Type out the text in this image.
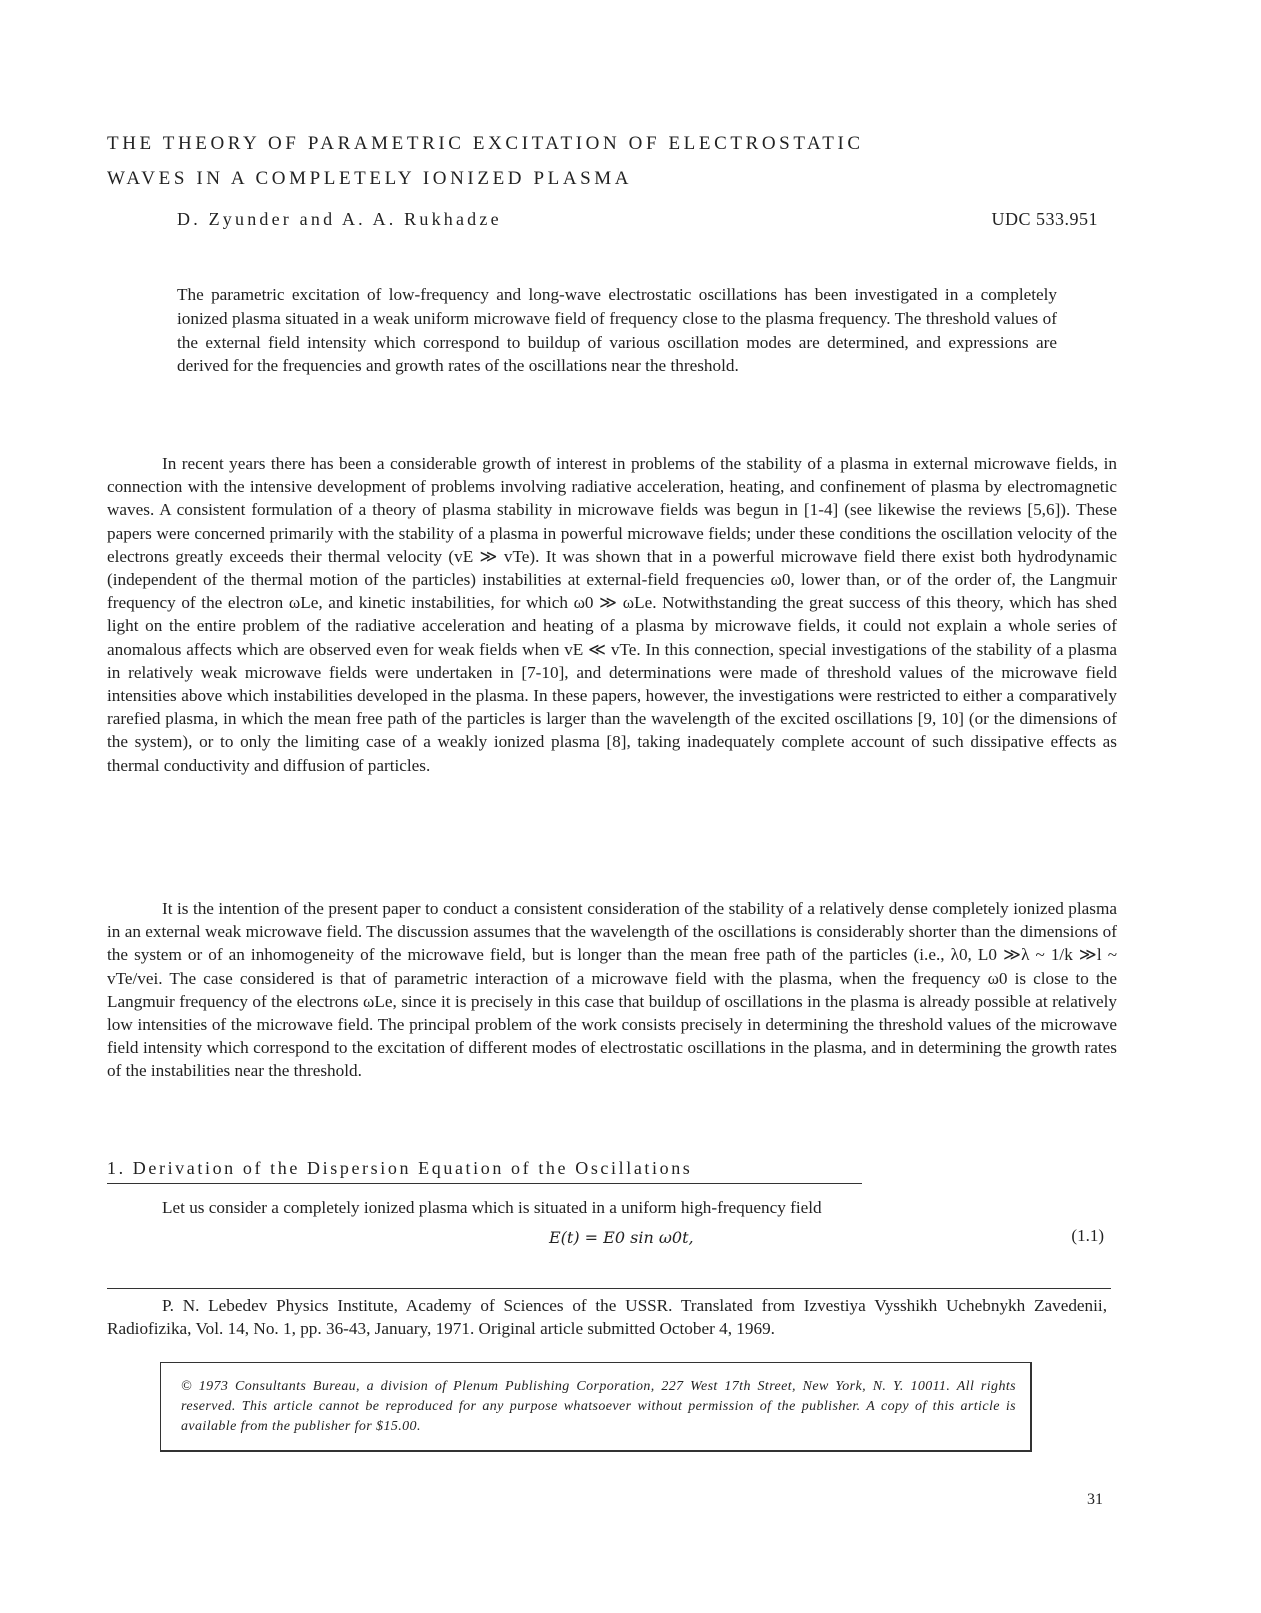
THE THEORY OF PARAMETRIC EXCITATION OF ELECTROSTATIC
WAVES IN A COMPLETELY IONIZED PLASMA
D. Zyunder and A. A. Rukhadze	UDC 533.951

The parametric excitation of low-frequency and long-wave electrostatic oscillations has been investigated in a completely ionized plasma situated in a weak uniform microwave field of frequency close to the plasma frequency. The threshold values of the external field intensity which correspond to buildup of various oscillation modes are determined, and expressions are derived for the frequencies and growth rates of the oscillations near the threshold.

In recent years there has been a considerable growth of interest in problems of the stability of a plasma in external microwave fields, in connection with the intensive development of problems involving radiative acceleration, heating, and confinement of plasma by electromagnetic waves. A consistent formulation of a theory of plasma stability in microwave fields was begun in [1-4] (see likewise the reviews [5,6]). These papers were concerned primarily with the stability of a plasma in powerful microwave fields; under these conditions the oscillation velocity of the electrons greatly exceeds their thermal velocity (vE ≫ vTe). It was shown that in a powerful microwave field there exist both hydrodynamic (independent of the thermal motion of the particles) instabilities at external-field frequencies ω0, lower than, or of the order of, the Langmuir frequency of the electron ωLe, and kinetic instabilities, for which ω0 ≫ ωLe. Notwithstanding the great success of this theory, which has shed light on the entire problem of the radiative acceleration and heating of a plasma by microwave fields, it could not explain a whole series of anomalous affects which are observed even for weak fields when vE ≪ vTe. In this connection, special investigations of the stability of a plasma in relatively weak microwave fields were undertaken in [7-10], and determinations were made of threshold values of the microwave field intensities above which instabilities developed in the plasma. In these papers, however, the investigations were restricted to either a comparatively rarefied plasma, in which the mean free path of the particles is larger than the wavelength of the excited oscillations [9, 10] (or the dimensions of the system), or to only the limiting case of a weakly ionized plasma [8], taking inadequately complete account of such dissipative effects as thermal conductivity and diffusion of particles.

It is the intention of the present paper to conduct a consistent consideration of the stability of a relatively dense completely ionized plasma in an external weak microwave field. The discussion assumes that the wavelength of the oscillations is considerably shorter than the dimensions of the system or of an inhomogeneity of the microwave field, but is longer than the mean free path of the particles (i.e., λ0, L0 ≫λ ~ 1/k ≫l ~ vTe/vei. The case considered is that of parametric interaction of a microwave field with the plasma, when the frequency ω0 is close to the Langmuir frequency of the electrons ωLe, since it is precisely in this case that buildup of oscillations in the plasma is already possible at relatively low intensities of the microwave field. The principal problem of the work consists precisely in determining the threshold values of the microwave field intensity which correspond to the excitation of different modes of electrostatic oscillations in the plasma, and in determining the growth rates of the instabilities near the threshold.

1. Derivation of the Dispersion Equation of the Oscillations

Let us consider a completely ionized plasma which is situated in a uniform high-frequency field

E(t) = E0 sin ω0t,	(1.1)

P. N. Lebedev Physics Institute, Academy of Sciences of the USSR. Translated from Izvestiya Vysshikh Uchebnykh Zavedenii, Radiofizika, Vol. 14, No. 1, pp. 36-43, January, 1971. Original article submitted October 4, 1969.

© 1973 Consultants Bureau, a division of Plenum Publishing Corporation, 227 West 17th Street, New York, N. Y. 10011. All rights reserved. This article cannot be reproduced for any purpose whatsoever without permission of the publisher. A copy of this article is available from the publisher for $15.00.

31
